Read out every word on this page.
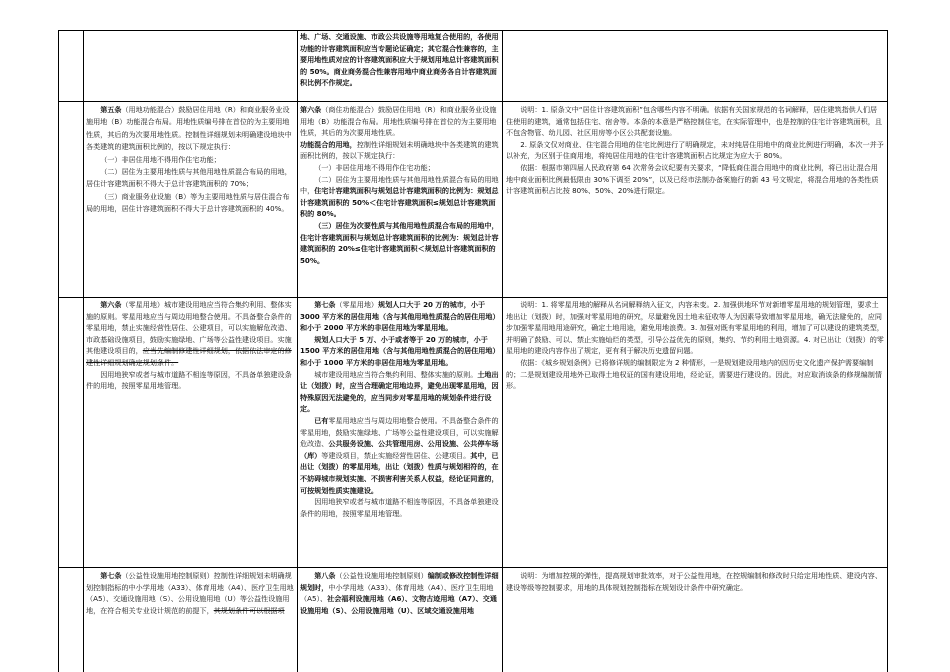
地、广场、交通设施、市政公共设施等用地复合使用的，各使用功能的计容建筑面积应当专题论证确定；其它混合性兼容的，主要用地性质对应的计容建筑面积应大于规划用地总计容建筑面积的 50%。商业商务混合性兼容用地中商业商务各自计容建筑面积比例不作规定。

第五条（用地功能混合）鼓励居住用地（R）和商业服务业设施用地（B）功能混合布局。用地性质编号排在首位的为主要用地性质，其后的为次要用地性质。控制性详细规划未明确建设地块中各类建筑的建筑面积比例的，按以下规定执行：

（一）非居住用地不得用作住宅功能；

（二）居住为主要用地性质与其他用地性质混合布局的用地，居住计容建筑面积不得大于总计容建筑面积的 70%；

（三）商业服务业设施（B）等为主要用地性质与居住混合布局的用地，居住计容建筑面积不得大于总计容建筑面积的 40%。

第六条（商住功能混合）鼓励居住用地（R）和商业服务业设施用地（B）功能混合布局。用地性质编号排在首位的为主要用地性质，其后的为次要用地性质。

功能混合的用地，控制性详细规划未明确地块中各类建筑的建筑面积比例的，按以下规定执行：

（一）非居住用地不得用作住宅功能；

（二）居住为主要用地性质与其他用地性质混合布局的用地中，住宅计容建筑面积与规划总计容建筑面积的比例为：规划总计容建筑面积的 50%＜住宅计容建筑面积≤规划总计容建筑面积的 80%。

（三）居住为次要性质与其他用地性质混合布局的用地中，住宅计容建筑面积与规划总计容建筑面积的比例为：规划总计容建筑面积的 20%≤住宅计容建筑面积＜规划总计容建筑面积的 50%。

说明：1. 原条文中“居住计容建筑面积”包含哪些内容不明确。依据有关国家规范的名词解释，居住建筑指供人们居住使用的建筑，通常包括住宅、宿舍等。本条的本意是严格控制住宅，在实际管理中，也是控制的住宅计容建筑面积，且不包含物管、幼儿园、社区用房等小区公共配套设施。

2. 原条文仅对商业、住宅混合用地的住宅比例进行了明确规定，未对纯居住用地中的商业比例进行明确，本次一并予以补充，为区别于住商用地，将纯居住用地的住宅计容建筑面积占比规定为应大于 80%。

依据：根据市第四届人民政府第 64 次常务会议纪要有关要求，“降低商住混合用地中的商业比例，将已出让混合用地中商业面积比例最低限由 30%下调至 20%”，以及已经市法制办备案施行的新 43 号文规定，将混合用地的各类性质计容建筑面积占比按 80%、50%、20%进行限定。

第六条（零星用地）城市建设用地应当符合集约利用、整体实施的原则。零星用地应当与周边用地整合使用。不具备整合条件的零星用地，禁止实施经营性居住、公建项目，可以实施解危改造、市政基础设施项目，鼓励实施绿地、广场等公益性建设项目。实施其他建设项目的，应当先编制修建性详细规划，依据依法审定的修建性详细规划确定规划条件。

因用地狭窄或者与城市道路不相连等原因，不具备单独建设条件的用地，按照零星用地管理。

第七条（零星用地）规划人口大于 20 万的城市，小于 3000 平方米的居住用地（含与其他用地性质混合的居住用地）和小于 2000 平方米的非居住用地为零星用地。

规划人口大于 5 万、小于或者等于 20 万的城市，小于 1500 平方米的居住用地（含与其他用地性质混合的居住用地）和小于 1000 平方米的非居住用地为零星用地。

城市建设用地应当符合集约利用、整体实施的原则。土地出让（划拨）时，应当合理确定用地边界，避免出现零星用地，因特殊原因无法避免的，应当同步对零星用地的规划条件进行设定。

已有零星用地应当与周边用地整合使用。不具备整合条件的零星用地，鼓励实施绿地、广场等公益性建设项目，可以实施解危改造、公共服务设施、公共管理用房、公用设施、公共停车场（库）等建设项目，禁止实施经营性居住、公建项目。其中，已出让（划拨）的零星用地，出让（划拨）性质与规划相符的，在不妨碍城市规划实施、不损害利害关系人权益，经论证同意的，可按规划性质实施建设。

因用地狭窄或者与城市道路不相连等原因，不具备单独建设条件的用地，按照零星用地管理。

说明：1. 将零星用地的解释从名词解释纳入征文，内容未变。2. 加强供地环节对新增零星用地的规划管理，要求土地出让（划拨）时，加强对零星用地的研究，尽量避免因土地未征收等人为因素导致增加零星用地，确无法避免的，应同步加强零星用地用途研究，确定土地用途，避免用地浪费。3. 加强对既有零星用地的利用，增加了可以建设的建筑类型，并明确了鼓励、可以、禁止实施灿烂的类型，引导公益优先的原则，集约、节约利用土地资源。4. 对已出让（划拨）的零星用地的建设内容作出了规定，更有利于解决历史遗留问题。

依据：《城乡规划条例》已将修详规的编制限定为 2 种情形，一是规划建设用地内的因历史文化遗产保护需要编制的；二是规划建设用地外已取得土地权证的国有建设用地，经论证，需要进行建设的。因此，对应取消该条的修规编制情形。

第七条（公益性设施用地控制原则）控制性详细规划未明确规划控制指标的中小学用地（A33）、体育用地（A4）、医疗卫生用地（A5）、交通设施用地（S）、公用设施用地（U）等公益性设施用地，在符合相关专业设计规范的前提下，其规划条件可以根据项

第八条（公益性设施用地控制原则）编制或修改控制性详细规划时，中小学用地（A33）、体育用地（A4）、医疗卫生用地（A5）、社会福利设施用地（A6）、文物古迹用地（A7）、交通设施用地（S）、公用设施用地（U）、区域交通设施用地

说明：为增加控规的弹性，提高规划审批效率，对于公益性用地，在控规编制和修改时只给定用地性质、建设内容、建设等级等控制要求，用地的具体规划控制指标在规划设计条件中研究确定。
